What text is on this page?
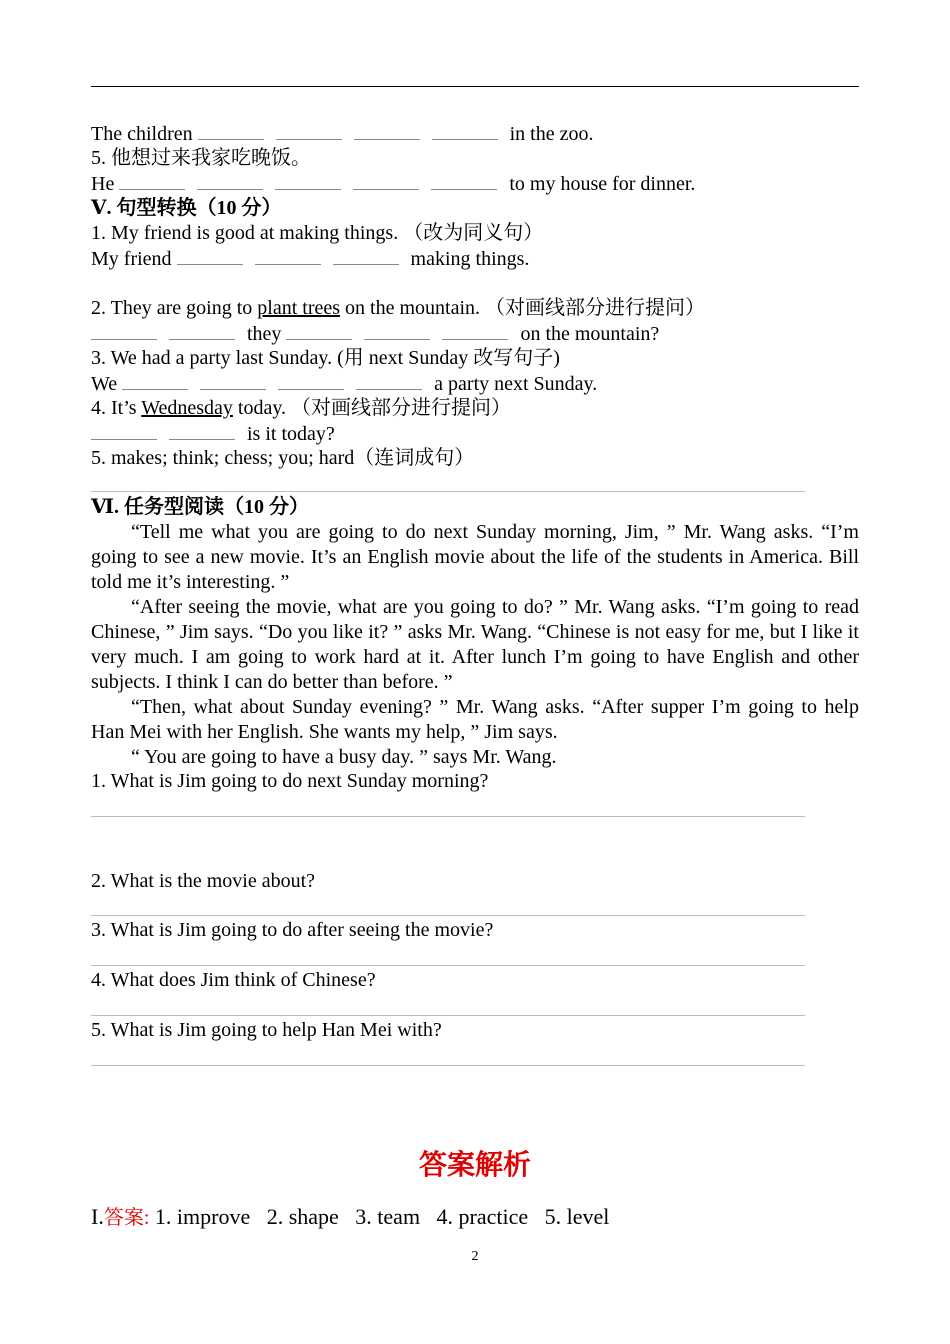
The children	in the zoo.
5. 他想过来我家吃晚饭。
He	to my house for dinner.
Ⅴ. 句型转换（10 分）
1. My friend is good at making things. （改为同义句）
My friend	making things.
2. They are going to plant trees on the mountain. （对画线部分进行提问）
they	on the mountain?
3. We had a party last Sunday. (用 next Sunday 改写句子)
We	a party next Sunday.
4. It’s Wednesday today. （对画线部分进行提问）
is it today?
5. makes; think; chess; you; hard（连词成句）
Ⅵ. 任务型阅读（10 分）
“Tell me what you are going to do next Sunday morning, Jim, ” Mr. Wang asks. “I’m going to see a new movie. It’s an English movie about the life of the students in America. Bill told me it’s interesting. ”
“After seeing the movie, what are you going to do? ” Mr. Wang asks. “I’m going to read Chinese, ” Jim says. “Do you like it? ” asks Mr. Wang. “Chinese is not easy for me, but I like it very much. I am going to work hard at it. After lunch I’m going to have English and other subjects. I think I can do better than before. ”
“Then, what about Sunday evening? ” Mr. Wang asks. “After supper I’m going to help Han Mei with her English. She wants my help, ” Jim says.
“ You are going to have a busy day. ” says Mr. Wang.
1. What is Jim going to do next Sunday morning?
2. What is the movie about?
3. What is Jim going to do after seeing the movie?
4. What does Jim think of Chinese?
5. What is Jim going to help Han Mei with?
答案解析
I.答案: 1. improve   2. shape   3. team   4. practice   5. level
2
